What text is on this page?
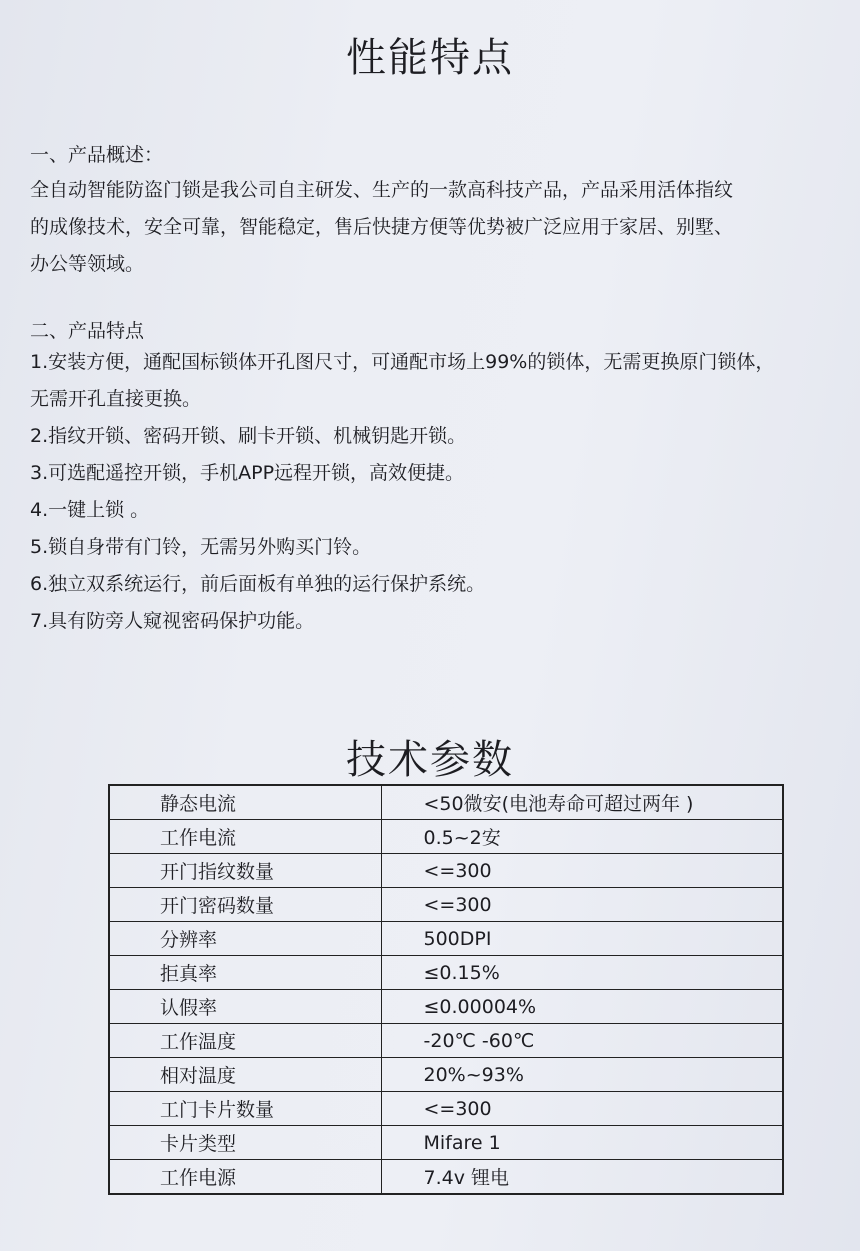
性能特点

一、产品概述：

全自动智能防盗门锁是我公司自主研发、生产的一款高科技产品，产品采用活体指纹
的成像技术，安全可靠，智能稳定，售后快捷方便等优势被广泛应用于家居、别墅、
办公等领域。

二、产品特点

1.安装方便，通配国标锁体开孔图尺寸，可通配市场上99%的锁体，无需更换原门锁体，
无需开孔直接更换。
2.指纹开锁、密码开锁、刷卡开锁、机械钥匙开锁。
3.可选配遥控开锁，手机APP远程开锁，高效便捷。
4.一键上锁 。
5.锁自身带有门铃，无需另外购买门铃。
6.独立双系统运行，前后面板有单独的运行保护系统。
7.具有防旁人窥视密码保护功能。
技术参数
静态电流	<50微安(电池寿命可超过两年 )
工作电流	0.5~2安
开门指纹数量	<=300
开门密码数量	<=300
分辨率	500DPI
拒真率	≤0.15%
认假率	≤0.00004%
工作温度	-20℃ -60℃
相对温度	20%~93%
工门卡片数量	<=300
卡片类型	Mifare 1
工作电源	7.4v 锂电
